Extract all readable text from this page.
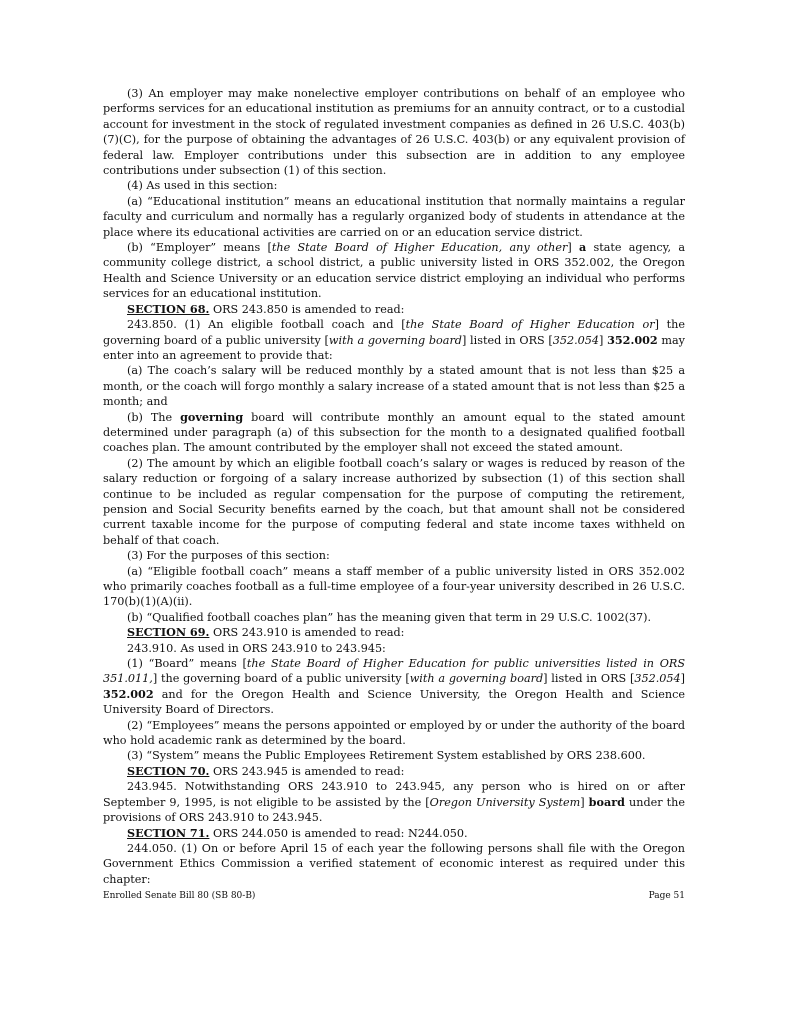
(3) An employer may make nonelective employer contributions on behalf of an employee who performs services for an educational institution as premiums for an annuity contract, or to a custodial account for investment in the stock of regulated investment companies as defined in 26 U.S.C. 403(b)(7)(C), for the purpose of obtaining the advantages of 26 U.S.C. 403(b) or any equivalent provision of federal law. Employer contributions under this subsection are in addition to any employee contributions under subsection (1) of this section.

(4) As used in this section:

(a) “Educational institution” means an educational institution that normally maintains a regular faculty and curriculum and normally has a regularly organized body of students in attendance at the place where its educational activities are carried on or an education service district.

(b) “Employer” means [the State Board of Higher Education, any other] a state agency, a community college district, a school district, a public university listed in ORS 352.002, the Oregon Health and Science University or an education service district employing an individual who performs services for an educational institution.

SECTION 68. ORS 243.850 is amended to read:

243.850. (1) An eligible football coach and [the State Board of Higher Education or] the governing board of a public university [with a governing board] listed in ORS [352.054] 352.002 may enter into an agreement to provide that:

(a) The coach’s salary will be reduced monthly by a stated amount that is not less than $25 a month, or the coach will forgo monthly a salary increase of a stated amount that is not less than $25 a month; and

(b) The governing board will contribute monthly an amount equal to the stated amount determined under paragraph (a) of this subsection for the month to a designated qualified football coaches plan. The amount contributed by the employer shall not exceed the stated amount.

(2) The amount by which an eligible football coach’s salary or wages is reduced by reason of the salary reduction or forgoing of a salary increase authorized by subsection (1) of this section shall continue to be included as regular compensation for the purpose of computing the retirement, pension and Social Security benefits earned by the coach, but that amount shall not be considered current taxable income for the purpose of computing federal and state income taxes withheld on behalf of that coach.

(3) For the purposes of this section:

(a) “Eligible football coach” means a staff member of a public university listed in ORS 352.002 who primarily coaches football as a full-time employee of a four-year university described in 26 U.S.C. 170(b)(1)(A)(ii).

(b) “Qualified football coaches plan” has the meaning given that term in 29 U.S.C. 1002(37).

SECTION 69. ORS 243.910 is amended to read:

243.910. As used in ORS 243.910 to 243.945:

(1) “Board” means [the State Board of Higher Education for public universities listed in ORS 351.011,] the governing board of a public university [with a governing board] listed in ORS [352.054] 352.002 and for the Oregon Health and Science University, the Oregon Health and Science University Board of Directors.

(2) “Employees” means the persons appointed or employed by or under the authority of the board who hold academic rank as determined by the board.

(3) “System” means the Public Employees Retirement System established by ORS 238.600.

SECTION 70. ORS 243.945 is amended to read:

243.945. Notwithstanding ORS 243.910 to 243.945, any person who is hired on or after September 9, 1995, is not eligible to be assisted by the [Oregon University System] board under the provisions of ORS 243.910 to 243.945.

SECTION 71. ORS 244.050 is amended to read: N244.050.

244.050. (1) On or before April 15 of each year the following persons shall file with the Oregon Government Ethics Commission a verified statement of economic interest as required under this chapter:

Enrolled Senate Bill 80 (SB 80-B)	Page 51
